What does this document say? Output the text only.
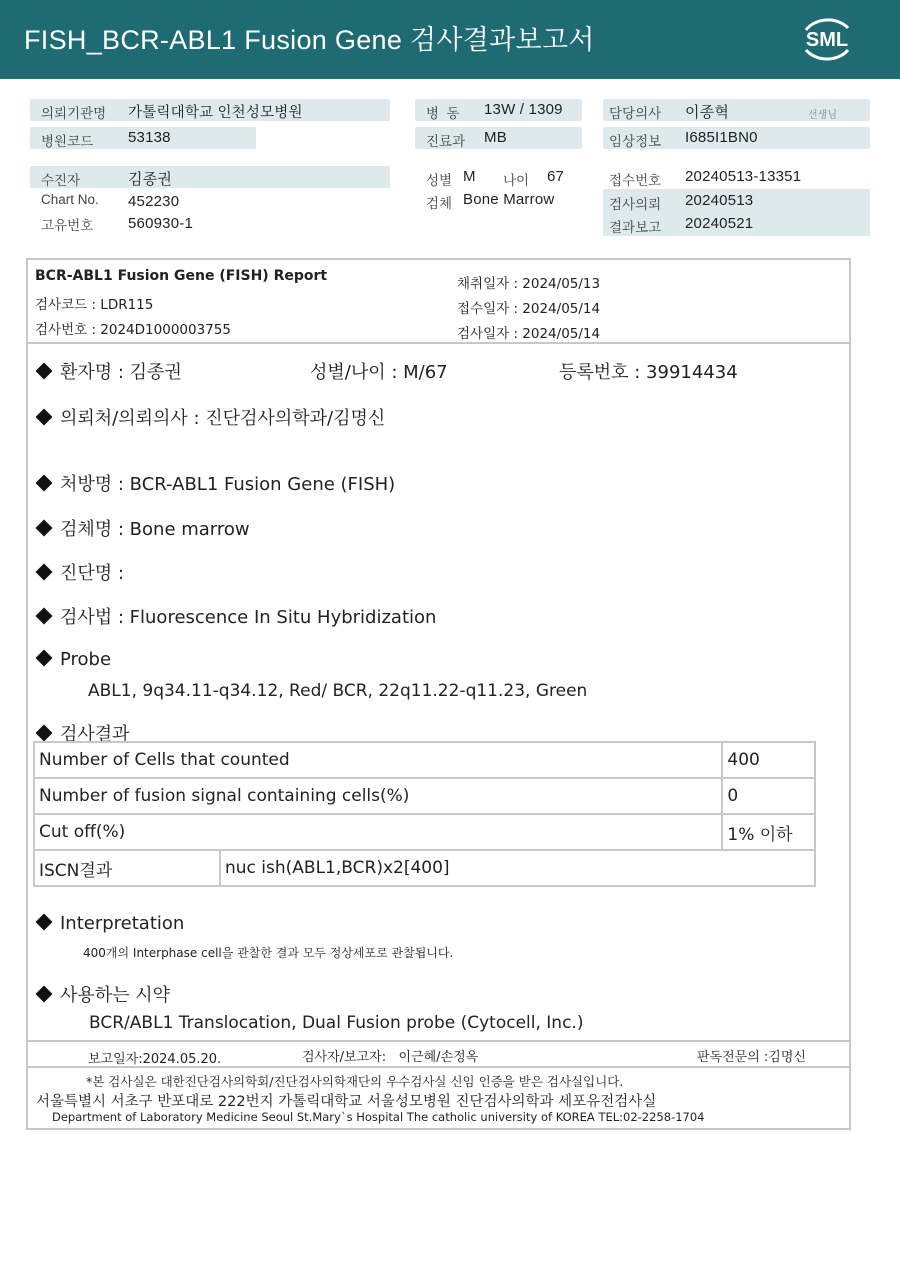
FISH_BCR-ABL1 Fusion Gene 검사결과보고서	SML
의뢰기관명 가톨릭대학교 인천성모병원
병원코드 53138
병  동 13W / 1309
진료과 MB
담당의사 이종혁	선생님
임상정보 I685I1BN0
수진자	김종권
Chart No. 452230
고유번호 560930-1
성별 M 나이 67
검체 Bone Marrow
접수번호 20240513-13351
검사의뢰 20240513
결과보고 20240521
BCR-ABL1 Fusion Gene (FISH) Report
검사코드 : LDR115
검사번호 : 2024D1000003755
채취일자 : 2024/05/13
접수일자 : 2024/05/14
검사일자 : 2024/05/14
환자명 : 김종권	성별/나이 : M/67	등록번호 : 39914434
의뢰처/의뢰의사 : 진단검사의학과/김명신
처방명 : BCR-ABL1 Fusion Gene (FISH)
검체명 : Bone marrow
진단명 :
검사법 : Fluorescence In Situ Hybridization
Probe
ABL1, 9q34.11-q34.12, Red/ BCR, 22q11.22-q11.23, Green
검사결과
Number of Cells that counted		400
Number of fusion signal containing cells(%)		0
Cut off(%)		1% 이하
ISCN결과	nuc ish(ABL1,BCR)x2[400]	
Interpretation
400개의 Interphase cell을 관찰한 결과 모두 정상세포로 관찰됩니다.
사용하는 시약
BCR/ABL1 Translocation, Dual Fusion probe (Cytocell, Inc.)
보고일자:2024.05.20.	검사자/보고자:   이근혜/손정옥	판독전문의 :김명신
*본 검사실은 대한진단검사의학회/진단검사의학재단의 우수검사실 신임 인증을 받은 검사실입니다.
서울특별시 서초구 반포대로 222번지 가톨릭대학교 서울성모병원 진단검사의학과 세포유전검사실
Department of Laboratory Medicine Seoul St.Mary`s Hospital The catholic university of KOREA TEL:02-2258-1704
